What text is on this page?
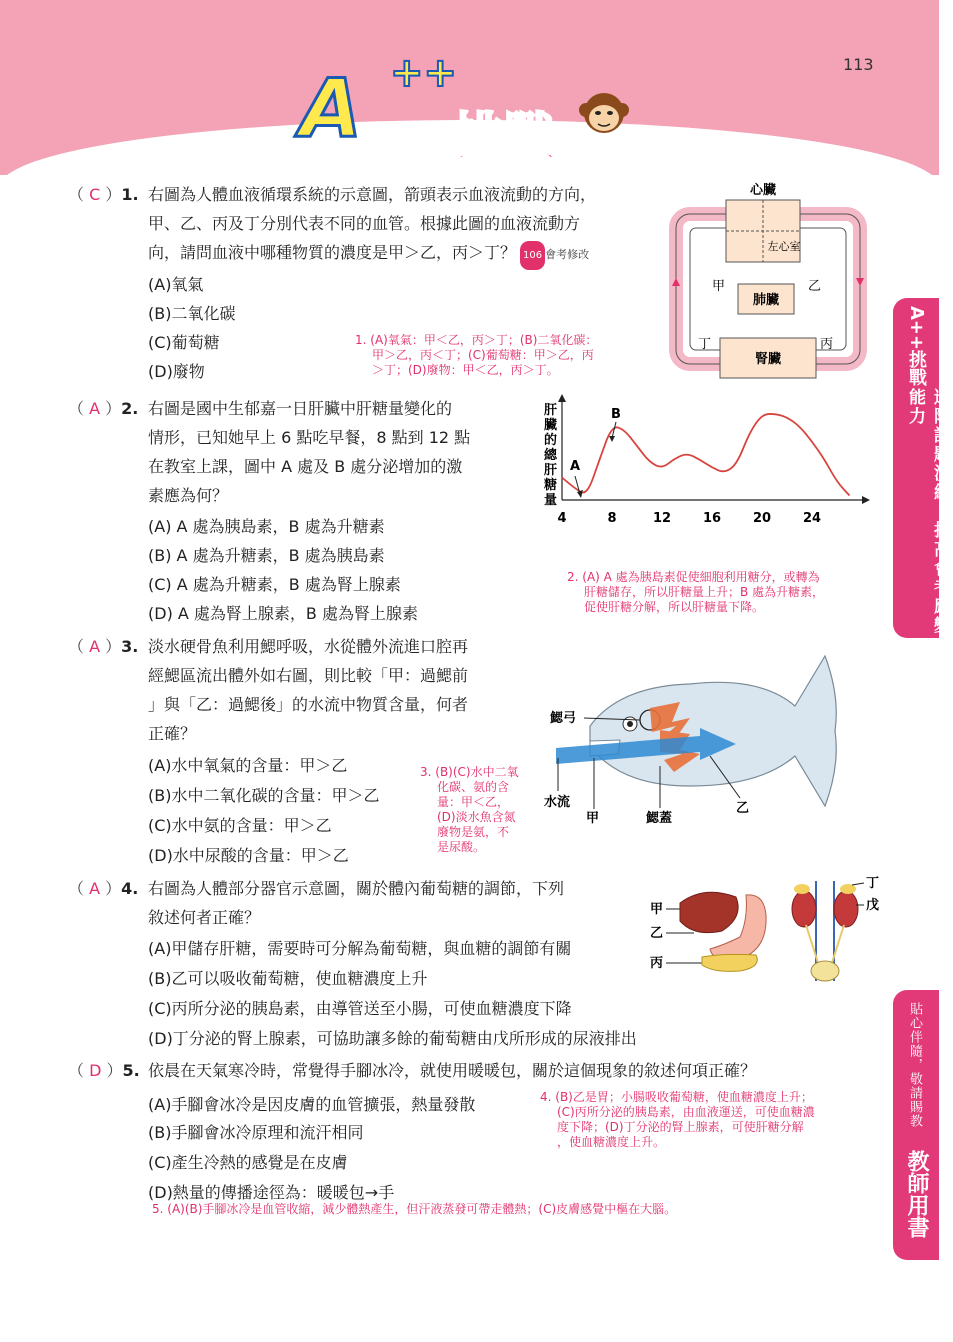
113
A ++
挑戰
A++挑戰
進階試題演練，提高會考應變能力
貼心伴隨，敬請賜教
教師用書
（ C ）1. 右圖為人體血液循環系統的示意圖，箭頭表示血液流動的方向，
甲、乙、丙及丁分別代表不同的血管。根據此圖的血液流動方
向，請問血液中哪種物質的濃度是甲＞乙，丙＞丁？ 106 會考修改
(A)氧氣
(B)二氧化碳
(C)葡萄糖
(D)廢物
1. (A)氧氣：甲＜乙，丙＞丁；(B)二氧化碳：
甲＞乙，丙＜丁；(C)葡萄糖：甲＞乙，丙
＞丁；(D)廢物：甲＜乙，丙＞丁。
心臟
左心室
肺臟
腎臟
甲	乙
丙
丁
（ A ）2. 右圖是國中生郁嘉一日肝臟中肝糖量變化的
情形，已知她早上 6 點吃早餐，8 點到 12 點
在教室上課，圖中 A 處及 B 處分泌增加的激
素應為何？
(A) A 處為胰島素，B 處為升糖素
(B) A 處為升糖素，B 處為胰島素
(C) A 處為升糖素，B 處為腎上腺素
(D) A 處為腎上腺素，B 處為腎上腺素
2. (A) A 處為胰島素促使細胞利用糖分，或轉為
肝糖儲存，所以肝糖量上升；B 處為升糖素，
促使肝糖分解，所以肝糖量下降。
肝臟的總肝糖量
4	8	12 16 20 24
A
B
（ A ）3. 淡水硬骨魚利用鰓呼吸，水從體外流進口腔再
經鰓區流出體外如右圖，則比較「甲：過鰓前
」與「乙：過鰓後」的水流中物質含量，何者
正確？
(A)水中氧氣的含量：甲＞乙
(B)水中二氧化碳的含量：甲＞乙
(C)水中氨的含量：甲＞乙
(D)水中尿酸的含量：甲＞乙
3. (B)(C)水中二氧
化碳、氨的含
量：甲＜乙，
(D)淡水魚含氮
廢物是氨，不
是尿酸。
鰓弓
水流
甲	鰓蓋
乙
（ A ）4. 右圖為人體部分器官示意圖，關於體內葡萄糖的調節，下列
敘述何者正確？
(A)甲儲存肝糖，需要時可分解為葡萄糖，與血糖的調節有關
(B)乙可以吸收葡萄糖，使血糖濃度上升
(C)丙所分泌的胰島素，由導管送至小腸，可使血糖濃度下降
(D)丁分泌的腎上腺素，可協助讓多餘的葡萄糖由戊所形成的尿液排出
甲
乙
丙
丁
戊
（ D ）5. 依晨在天氣寒冷時，常覺得手腳冰冷，就使用暖暖包，關於這個現象的敘述何項正確？
(A)手腳會冰冷是因皮膚的血管擴張，熱量發散
(B)手腳會冰冷原理和流汗相同
(C)產生冷熱的感覺是在皮膚
(D)熱量的傳播途徑為：暖暖包→手
4. (B)乙是胃；小腸吸收葡萄糖，使血糖濃度上升；
(C)丙所分泌的胰島素，由血液運送，可使血糖濃
度下降；(D)丁分泌的腎上腺素，可使肝糖分解
，使血糖濃度上升。
5. (A)(B)手腳冰冷是血管收縮，減少體熱產生，但汗液蒸發可帶走體熱；(C)皮膚感覺中樞在大腦。
